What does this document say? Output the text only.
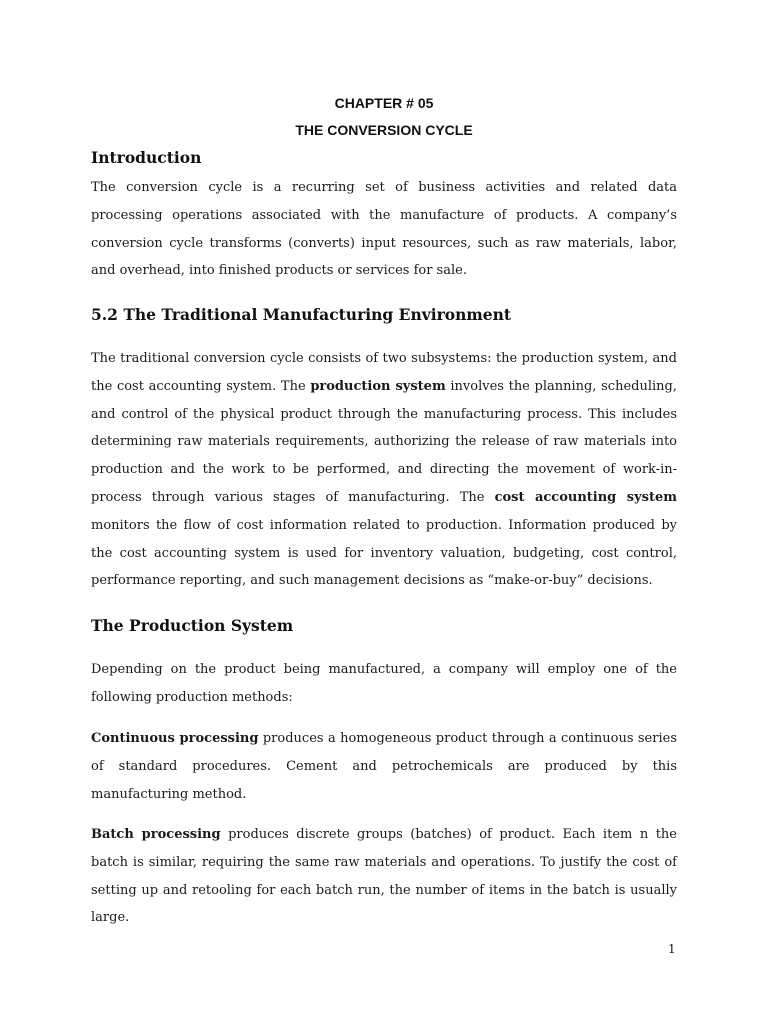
CHAPTER # 05
THE CONVERSION CYCLE
Introduction
The conversion cycle is a recurring set of business activities and related data processing operations associated with the manufacture of products. A company’s conversion cycle transforms (converts) input resources, such as raw materials, labor, and overhead, into finished products or services for sale.
5.2 The Traditional Manufacturing Environment
The traditional conversion cycle consists of two subsystems: the production system, and the cost accounting system. The production system involves the planning, scheduling, and control of the physical product through the manufacturing process. This includes determining raw materials requirements, authorizing the release of raw materials into production and the work to be performed, and directing the movement of work-in-process through various stages of manufacturing. The cost accounting system monitors the flow of cost information related to production. Information produced by the cost accounting system is used for inventory valuation, budgeting, cost control, performance reporting, and such management decisions as “make-or-buy” decisions.
The Production System
Depending on the product being manufactured, a company will employ one of the following production methods:
Continuous processing produces a homogeneous product through a continuous series of standard procedures. Cement and petrochemicals are produced by this manufacturing method.
Batch processing produces discrete groups (batches) of product. Each item n the batch is similar, requiring the same raw materials and operations. To justify the cost of setting up and retooling for each batch run, the number of items in the batch is usually large.
1
